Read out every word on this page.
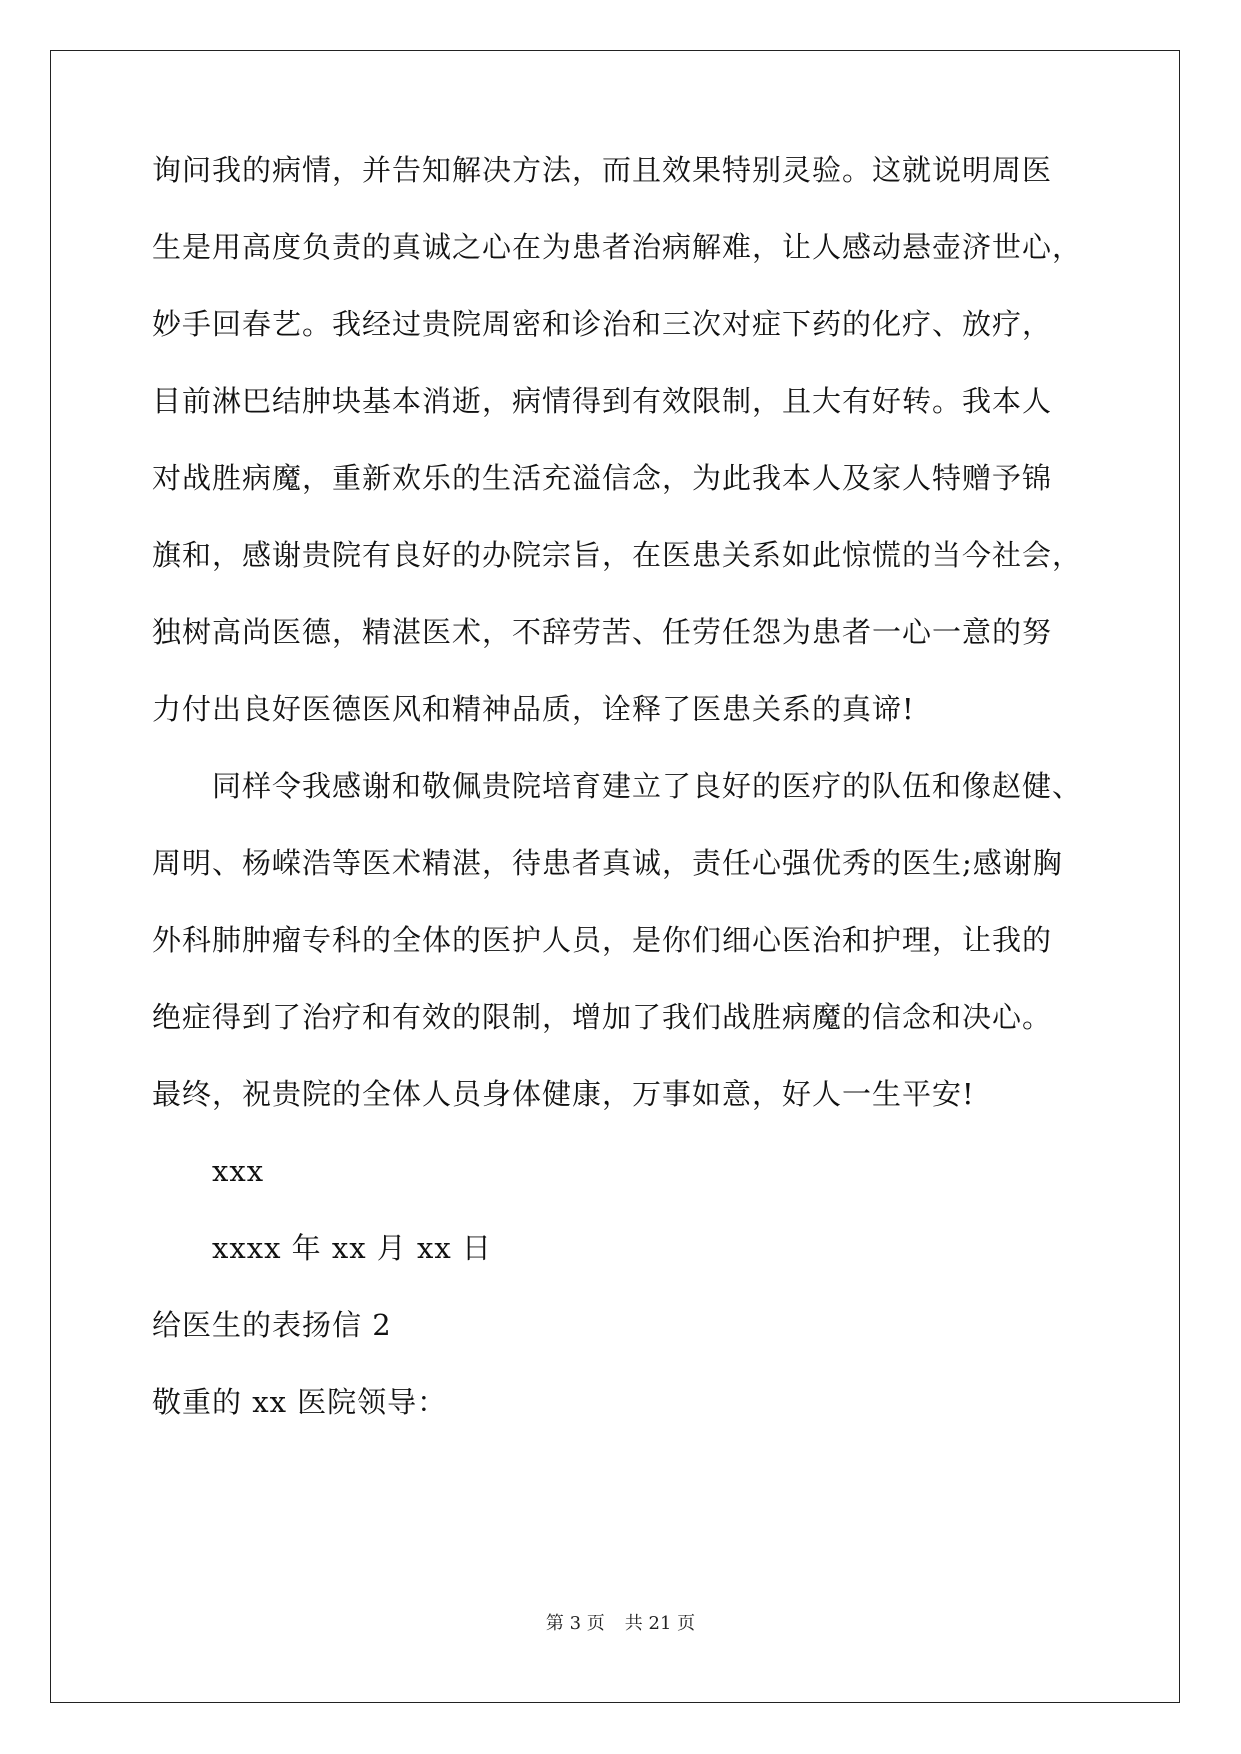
询问我的病情，并告知解决方法，而且效果特别灵验。这就说明周医
生是用高度负责的真诚之心在为患者治病解难，让人感动悬壶济世心，
妙手回春艺。我经过贵院周密和诊治和三次对症下药的化疗、放疗，
目前淋巴结肿块基本消逝，病情得到有效限制，且大有好转。我本人
对战胜病魔，重新欢乐的生活充溢信念，为此我本人及家人特赠予锦
旗和，感谢贵院有良好的办院宗旨，在医患关系如此惊慌的当今社会，
独树高尚医德，精湛医术，不辞劳苦、任劳任怨为患者一心一意的努
力付出良好医德医风和精神品质，诠释了医患关系的真谛!
同样令我感谢和敬佩贵院培育建立了良好的医疗的队伍和像赵健、
周明、杨嵘浩等医术精湛，待患者真诚，责任心强优秀的医生;感谢胸
外科肺肿瘤专科的全体的医护人员，是你们细心医治和护理，让我的
绝症得到了治疗和有效的限制，增加了我们战胜病魔的信念和决心。
最终，祝贵院的全体人员身体健康，万事如意，好人一生平安!
xxx
xxxx 年 xx 月 xx 日
给医生的表扬信 2
敬重的 xx 医院领导：
第 3 页 共 21 页
